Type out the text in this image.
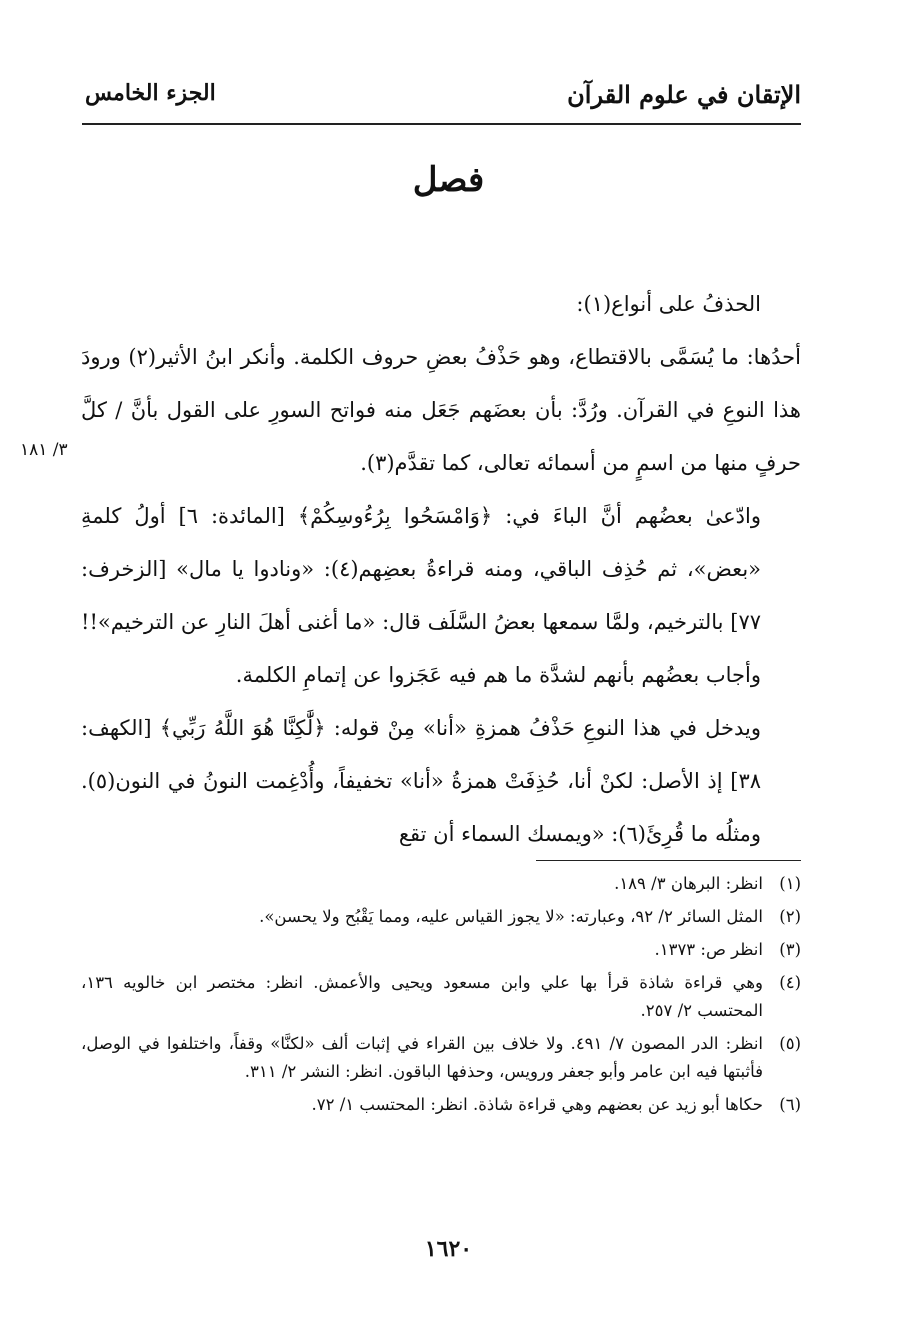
الإتقان في علوم القرآن
الجزء الخامس
فصل
٣/ ١٨١

الحذفُ على أنواع(١):

أحدُها: ما يُسَمَّى بالاقتطاع، وهو حَذْفُ بعضِ حروف الكلمة. وأنكر ابنُ الأثير(٢) ورودَ هذا النوعِ في القرآن. ورُدَّ: بأن بعضَهم جَعَل منه فواتح السورِ على القول بأنَّ / كلَّ حرفٍ منها من اسمٍ من أسمائه تعالى، كما تقدَّم(٣).

وادّعىٰ بعضُهم أنَّ الباءَ في: ﴿وَامْسَحُوا بِرُءُوسِكُمْ﴾ [المائدة: ٦] أولُ كلمةِ «بعض»، ثم حُذِف الباقي، ومنه قراءةُ بعضِهم(٤): «ونادوا يا مال» [الزخرف: ٧٧] بالترخيم، ولمَّا سمعها بعضُ السَّلَف قال: «ما أغنى أهلَ النارِ عن الترخيم»!! وأجاب بعضُهم بأنهم لشدَّة ما هم فيه عَجَزوا عن إتمامِ الكلمة.

ويدخل في هذا النوعِ حَذْفُ همزةِ «أنا» مِنْ قوله: ﴿لَّٰكِنَّا هُوَ اللَّهُ رَبِّي﴾ [الكهف: ٣٨] إذ الأصل: لكنْ أنا، حُذِفَتْ همزةُ «أنا» تخفيفاً، وأُدْغِمت النونُ في النون(٥). ومثلُه ما قُرِئَ(٦): «ويمسك السماء أن تقع

(١)
انظر: البرهان ٣/ ١٨٩.

(٢)
المثل السائر ٢/ ٩٢، وعبارته: «لا يجوز القياس عليه، ومما يَقْبُح ولا يحسن».

(٣)
انظر ص: ١٣٧٣.

(٤)
وهي قراءة شاذة قرأ بها علي وابن مسعود ويحيى والأعمش. انظر: مختصر ابن خالويه ١٣٦، المحتسب ٢/ ٢٥٧.

(٥)
انظر: الدر المصون ٧/ ٤٩١. ولا خلاف بين القراء في إثبات ألف «لكنَّا» وقفاً، واختلفوا في الوصل، فأثبتها فيه ابن عامر وأبو جعفر ورويس، وحذفها الباقون. انظر: النشر ٢/ ٣١١.

(٦)
حكاها أبو زيد عن بعضهم وهي قراءة شاذة. انظر: المحتسب ١/ ٧٢.

١٦٢٠
